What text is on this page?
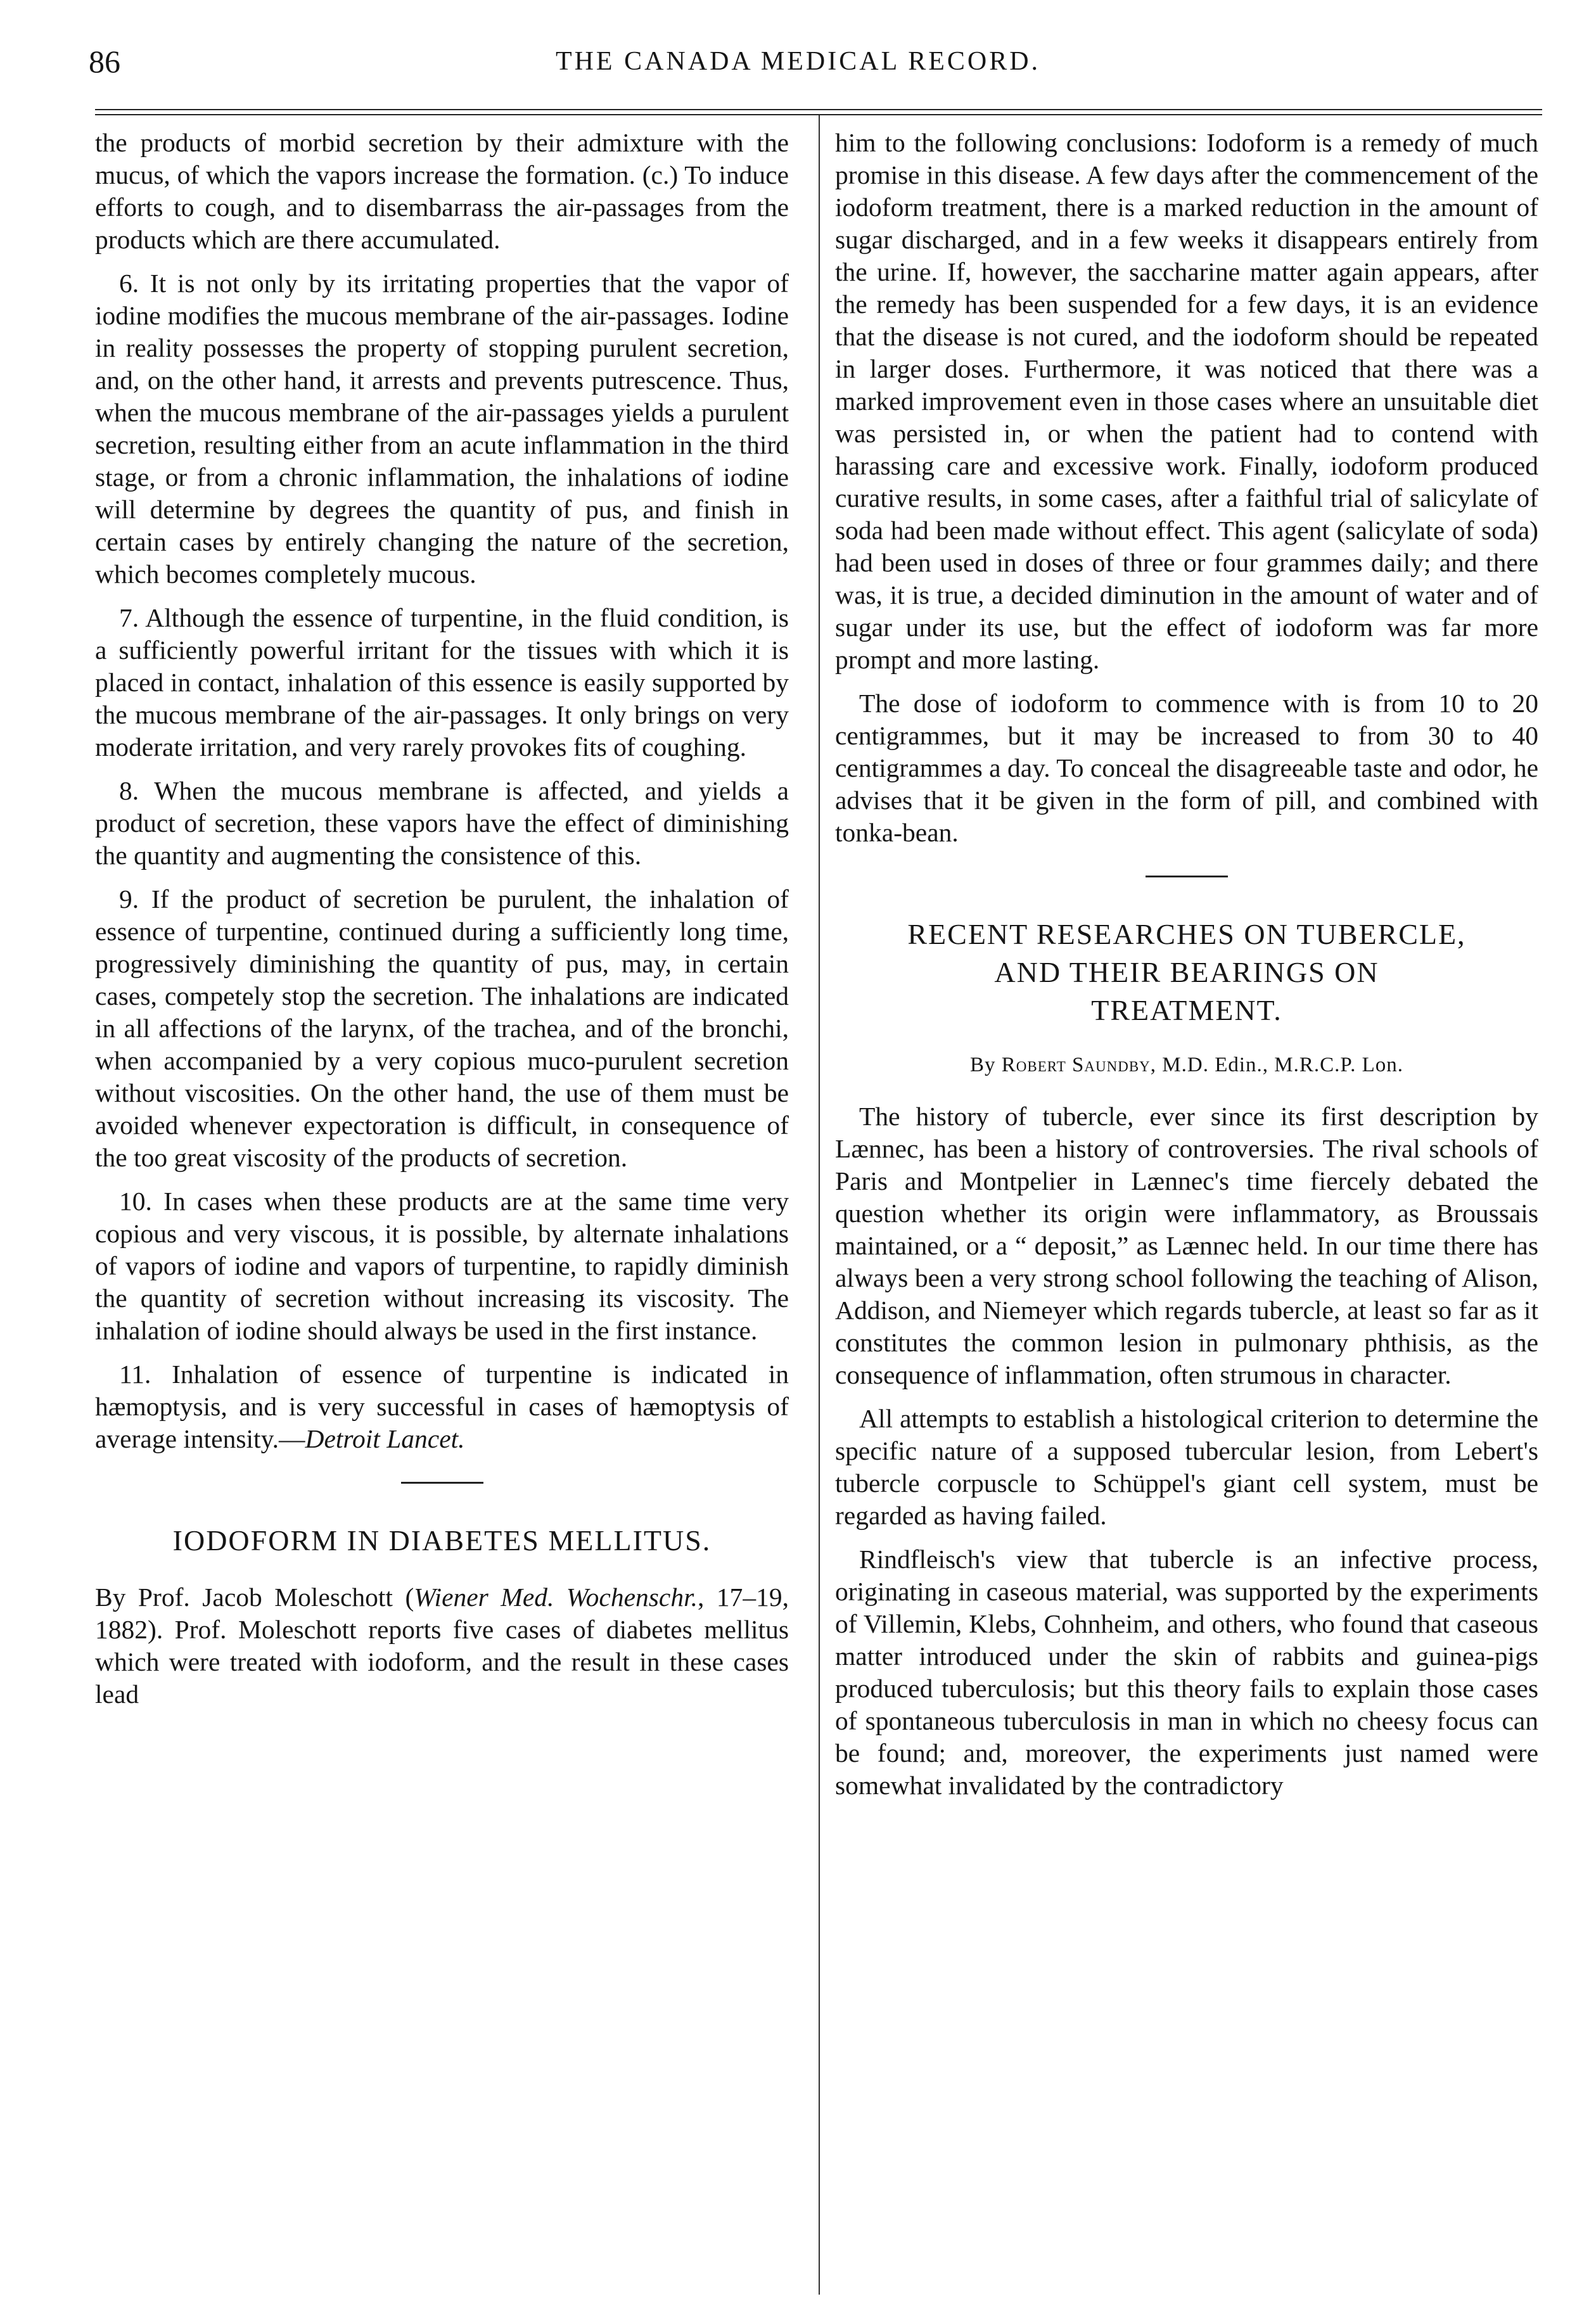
86	THE CANADA MEDICAL RECORD.

the products of morbid secretion by their admixture with the mucus, of which the vapors increase the formation. (c.) To induce efforts to cough, and to disembarrass the air-passages from the products which are there accumulated.

6. It is not only by its irritating properties that the vapor of iodine modifies the mucous membrane of the air-passages. Iodine in reality possesses the property of stopping purulent secretion, and, on the other hand, it arrests and prevents putrescence. Thus, when the mucous membrane of the air-passages yields a purulent secretion, resulting either from an acute inflammation in the third stage, or from a chronic inflammation, the inhalations of iodine will determine by degrees the quantity of pus, and finish in certain cases by entirely changing the nature of the secretion, which becomes completely mucous.

7. Although the essence of turpentine, in the fluid condition, is a sufficiently powerful irritant for the tissues with which it is placed in contact, inhalation of this essence is easily supported by the mucous membrane of the air-passages. It only brings on very moderate irritation, and very rarely provokes fits of coughing.

8. When the mucous membrane is affected, and yields a product of secretion, these vapors have the effect of diminishing the quantity and augmenting the consistence of this.

9. If the product of secretion be purulent, the inhalation of essence of turpentine, continued during a sufficiently long time, progressively diminishing the quantity of pus, may, in certain cases, competely stop the secretion. The inhalations are indicated in all affections of the larynx, of the trachea, and of the bronchi, when accompanied by a very copious muco-purulent secretion without viscosities. On the other hand, the use of them must be avoided whenever expectoration is difficult, in consequence of the too great viscosity of the products of secretion.

10. In cases when these products are at the same time very copious and very viscous, it is possible, by alternate inhalations of vapors of iodine and vapors of turpentine, to rapidly diminish the quantity of secretion without increasing its viscosity. The inhalation of iodine should always be used in the first instance.

11. Inhalation of essence of turpentine is indicated in hæmoptysis, and is very successful in cases of hæmoptysis of average intensity.—Detroit Lancet.

IODOFORM IN DIABETES MELLITUS.

By Prof. Jacob Moleschott (Wiener Med. Wochenschr., 17–19, 1882). Prof. Moleschott reports five cases of diabetes mellitus which were treated with iodoform, and the result in these cases lead

him to the following conclusions: Iodoform is a remedy of much promise in this disease. A few days after the commencement of the iodoform treatment, there is a marked reduction in the amount of sugar discharged, and in a few weeks it disappears entirely from the urine. If, however, the saccharine matter again appears, after the remedy has been suspended for a few days, it is an evidence that the disease is not cured, and the iodoform should be repeated in larger doses. Furthermore, it was noticed that there was a marked improvement even in those cases where an unsuitable diet was persisted in, or when the patient had to contend with harassing care and excessive work. Finally, iodoform produced curative results, in some cases, after a faithful trial of salicylate of soda had been made without effect. This agent (salicylate of soda) had been used in doses of three or four grammes daily; and there was, it is true, a decided diminution in the amount of water and of sugar under its use, but the effect of iodoform was far more prompt and more lasting.

The dose of iodoform to commence with is from 10 to 20 centigrammes, but it may be increased to from 30 to 40 centigrammes a day. To conceal the disagreeable taste and odor, he advises that it be given in the form of pill, and combined with tonka-bean.

RECENT RESEARCHES ON TUBERCLE,
AND THEIR BEARINGS ON
TREATMENT.
By Robert Saundby, M.D. Edin., M.R.C.P. Lon.

The history of tubercle, ever since its first description by Lænnec, has been a history of controversies. The rival schools of Paris and Montpelier in Lænnec's time fiercely debated the question whether its origin were inflammatory, as Broussais maintained, or a “ deposit,” as Lænnec held. In our time there has always been a very strong school following the teaching of Alison, Addison, and Niemeyer which regards tubercle, at least so far as it constitutes the common lesion in pulmonary phthisis, as the consequence of inflammation, often strumous in character.

All attempts to establish a histological criterion to determine the specific nature of a supposed tubercular lesion, from Lebert's tubercle corpuscle to Schüppel's giant cell system, must be regarded as having failed.

Rindfleisch's view that tubercle is an infective process, originating in caseous material, was supported by the experiments of Villemin, Klebs, Cohnheim, and others, who found that caseous matter introduced under the skin of rabbits and guinea-pigs produced tuberculosis; but this theory fails to explain those cases of spontaneous tuberculosis in man in which no cheesy focus can be found; and, moreover, the experiments just named were somewhat invalidated by the contradictory
